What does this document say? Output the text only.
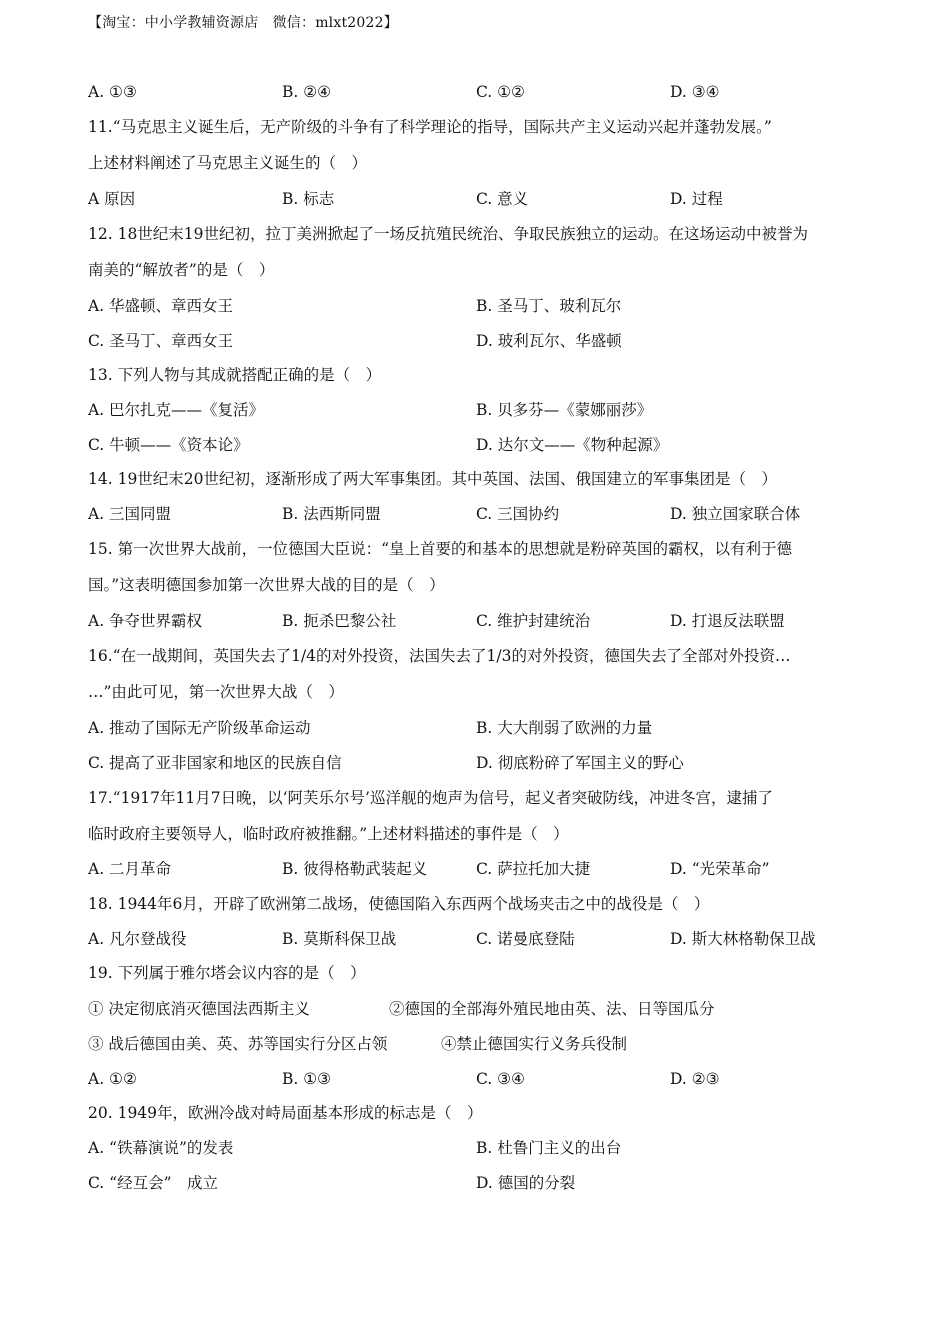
【淘宝：中小学教辅资源店　微信：mlxt2022】
A. ①③	B. ②④	C. ①②	D. ③④
11.“马克思主义诞生后，无产阶级的斗争有了科学理论的指导，国际共产主义运动兴起并蓬勃发展。”
上述材料阐述了马克思主义诞生的（　）
A 原因	B. 标志	C. 意义	D. 过程
12. 18世纪末19世纪初，拉丁美洲掀起了一场反抗殖民统治、争取民族独立的运动。在这场运动中被誉为
南美的“解放者”的是（　）
A. 华盛顿、章西女王	B. 圣马丁、玻利瓦尔
C. 圣马丁、章西女王	D. 玻利瓦尔、华盛顿
13. 下列人物与其成就搭配正确的是（　）
A. 巴尔扎克——《复活》	B. 贝多芬—《蒙娜丽莎》
C. 牛顿——《资本论》	D. 达尔文——《物种起源》
14. 19世纪末20世纪初，逐渐形成了两大军事集团。其中英国、法国、俄国建立的军事集团是（　）
A. 三国同盟	B. 法西斯同盟	C. 三国协约	D. 独立国家联合体
15. 第一次世界大战前，一位德国大臣说：“皇上首要的和基本的思想就是粉碎英国的霸权，以有利于德
国。”这表明德国参加第一次世界大战的目的是（　）
A. 争夺世界霸权	B. 扼杀巴黎公社	C. 维护封建统治	D. 打退反法联盟
16.“在一战期间，英国失去了1/4的对外投资，法国失去了1/3的对外投资，德国失去了全部对外投资…
…”由此可见，第一次世界大战（　）
A. 推动了国际无产阶级革命运动	B. 大大削弱了欧洲的力量
C. 提高了亚非国家和地区的民族自信	D. 彻底粉碎了军国主义的野心
17.“1917年11月7日晚，以‘阿芙乐尔号’巡洋舰的炮声为信号，起义者突破防线，冲进冬宫，逮捕了
临时政府主要领导人，临时政府被推翻。”上述材料描述的事件是（　）
A. 二月革命	B. 彼得格勒武装起义	C. 萨拉托加大捷	D. “光荣革命”
18. 1944年6月，开辟了欧洲第二战场，使德国陷入东西两个战场夹击之中的战役是（　）
A. 凡尔登战役	B. 莫斯科保卫战	C. 诺曼底登陆	D. 斯大林格勒保卫战
19. 下列属于雅尔塔会议内容的是（　）
① 决定彻底消灭德国法西斯主义	②德国的全部海外殖民地由英、法、日等国瓜分
③ 战后德国由美、英、苏等国实行分区占领	④禁止德国实行义务兵役制
A. ①②	B. ①③	C. ③④	D. ②③
20. 1949年，欧洲冷战对峙局面基本形成的标志是（　）
A. “铁幕演说”的发表	B. 杜鲁门主义的出台
C. “经互会”　成立	D. 德国的分裂
